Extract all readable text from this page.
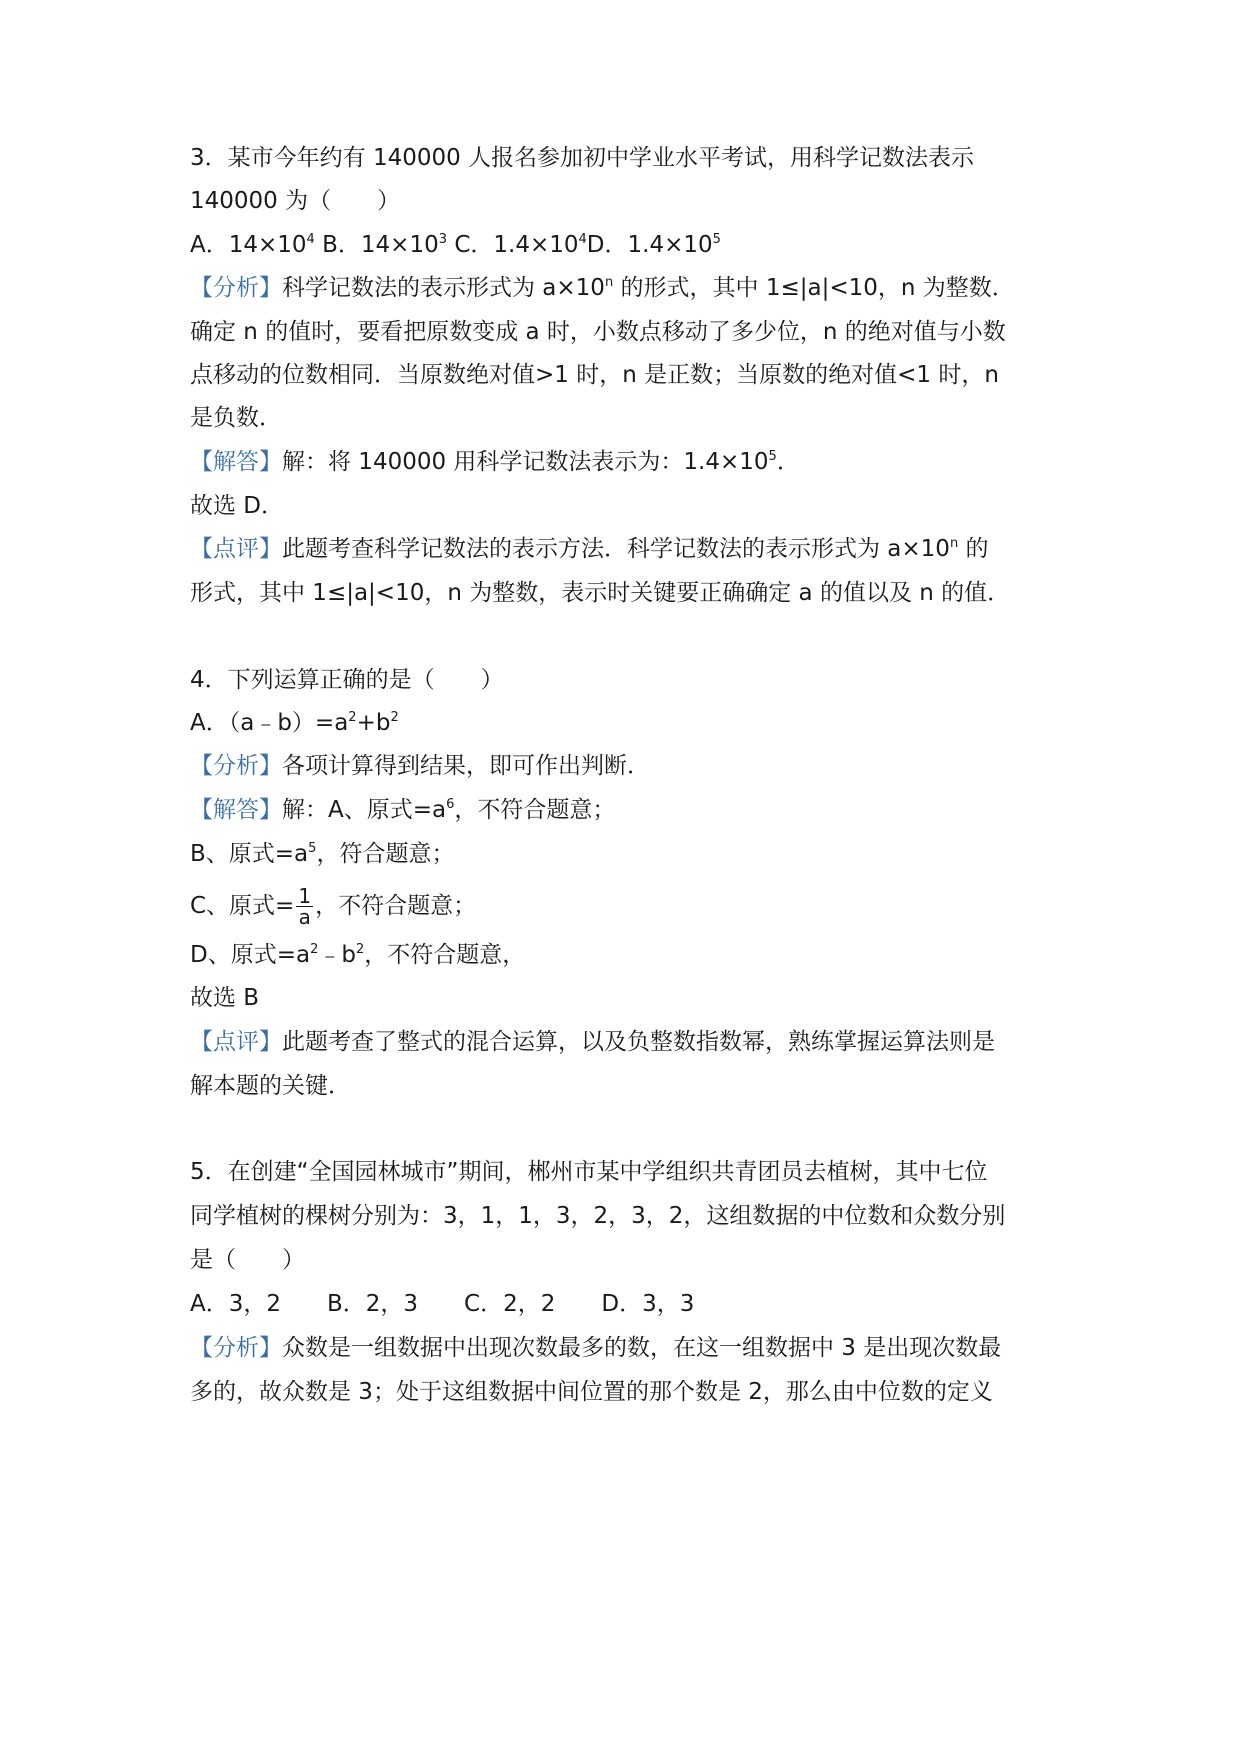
3．某市今年约有 140000 人报名参加初中学业水平考试，用科学记数法表示
140000 为（　　）
A．$14\times 10^4$ B．$14\times 10^3$ C．$1.4\times 10^4D$．$1.4\times 10^5$
【分析】科学记数法的表示形式为 $a\times 10^n$ 的形式，其中 1≤|a|<10，n 为整数．
确定 n 的值时，要看把原数变成 a 时，小数点移动了多少位，n 的绝对值与小数
点移动的位数相同．当原数绝对值>1 时，n 是正数；当原数的绝对值<1 时，n
是负数．
【解答】解：将 140000 用科学记数法表示为：$1.4\times 10^5$．
故选 D．
【点评】此题考查科学记数法的表示方法．科学记数法的表示形式为 $a\times 10^n$ 的
形式，其中 1≤|a|<10，n 为整数，表示时关键要正确确定 a 的值以及 n 的值．
4．下列运算正确的是（　　）
A．$(a﹣b)=a^2+b^2$
【分析】各项计算得到结果，即可作出判断．
【解答】解：A、原式$=a^6$，不符合题意；
B、原式$=a^5$，符合题意；
C、原式= $\frac{1}{a}$ ，不符合题意；
D、原式$=a^2﹣b^2$，不符合题意，
故选 B
【点评】此题考查了整式的混合运算，以及负整数指数幂，熟练掌握运算法则是
解本题的关键．
5．在创建“全国园林城市”期间，郴州市某中学组织共青团员去植树，其中七位
同学植树的棵树分别为：3，1，1，3，2，3，2，这组数据的中位数和众数分别
是（　　）
A．3，2　　B．2，3　　C．2，2　　D．3，3
【分析】众数是一组数据中出现次数最多的数，在这一组数据中 3 是出现次数最
多的，故众数是 3；处于这组数据中间位置的那个数是 2，那么由中位数的定义
